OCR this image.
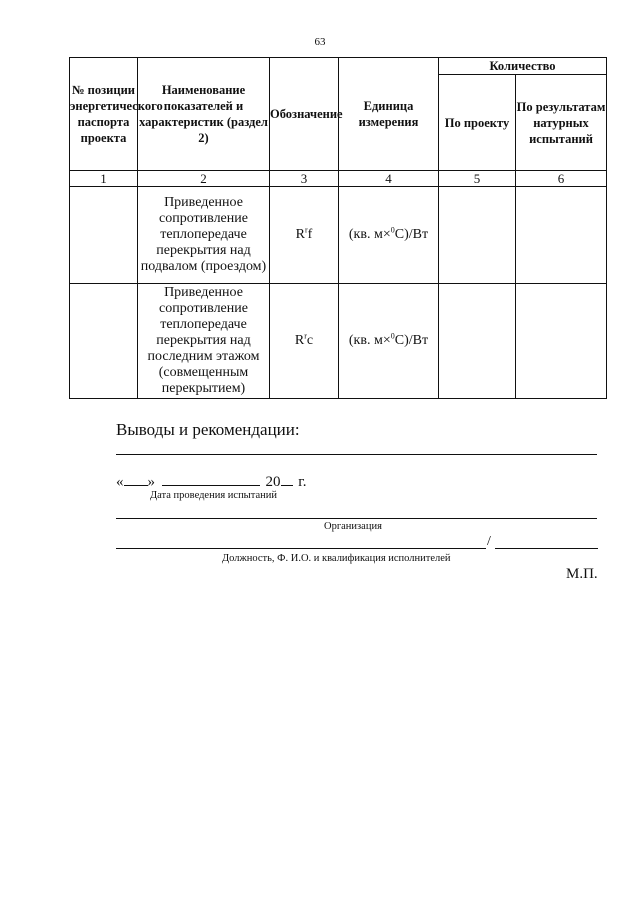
63
№ позиции энергетического паспорта проекта	Наименование показателей и характеристик (раздел 2)	Обозначение	Единица измерения	Количество	
				По проекту	По результатам натурных испытаний
1	2	3	4	5	6
	Приведенное сопротивление теплопередаче перекрытия над подвалом (проездом)	$R^rf$	(кв. м×$^0$С)/Вт		
	Приведенное сопротивление теплопередаче перекрытия над последним этажом (совмещенным перекрытием)	$R^rс$	(кв. м×$^0$С)/Вт		
Выводы и рекомендации:
« »	20 г.
Дата проведения испытаний
Организация
/
Должность, Ф. И.О. и квалификация исполнителей
М.П.
